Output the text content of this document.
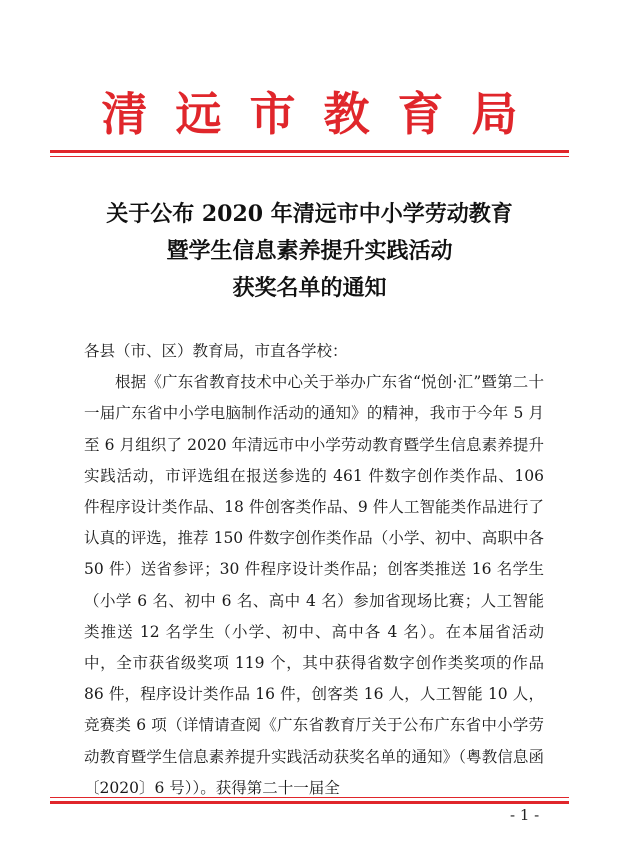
清远市教育局
关于公布 2020 年清远市中小学劳动教育
暨学生信息素养提升实践活动
获奖名单的通知
各县（市、区）教育局，市直各学校：
根据《广东省教育技术中心关于举办广东省“悦创·汇”暨第二十一届广东省中小学电脑制作活动的通知》的精神，我市于今年 5 月至 6 月组织了 2020 年清远市中小学劳动教育暨学生信息素养提升实践活动，市评选组在报送参选的 461 件数字创作类作品、106 件程序设计类作品、18 件创客类作品、9 件人工智能类作品进行了认真的评选，推荐 150 件数字创作类作品（小学、初中、高职中各 50 件）送省参评；30 件程序设计类作品；创客类推送 16 名学生（小学 6 名、初中 6 名、高中 4 名）参加省现场比赛；人工智能类推送 12 名学生（小学、初中、高中各 4 名）。在本届省活动中，全市获省级奖项 119 个，其中获得省数字创作类奖项的作品 86 件，程序设计类作品 16 件，创客类 16 人，人工智能 10 人，竞赛类 6 项（详情请查阅《广东省教育厅关于公布广东省中小学劳动教育暨学生信息素养提升实践活动获奖名单的通知》（粤教信息函〔2020〕6 号））。获得第二十一届全
- 1 -
